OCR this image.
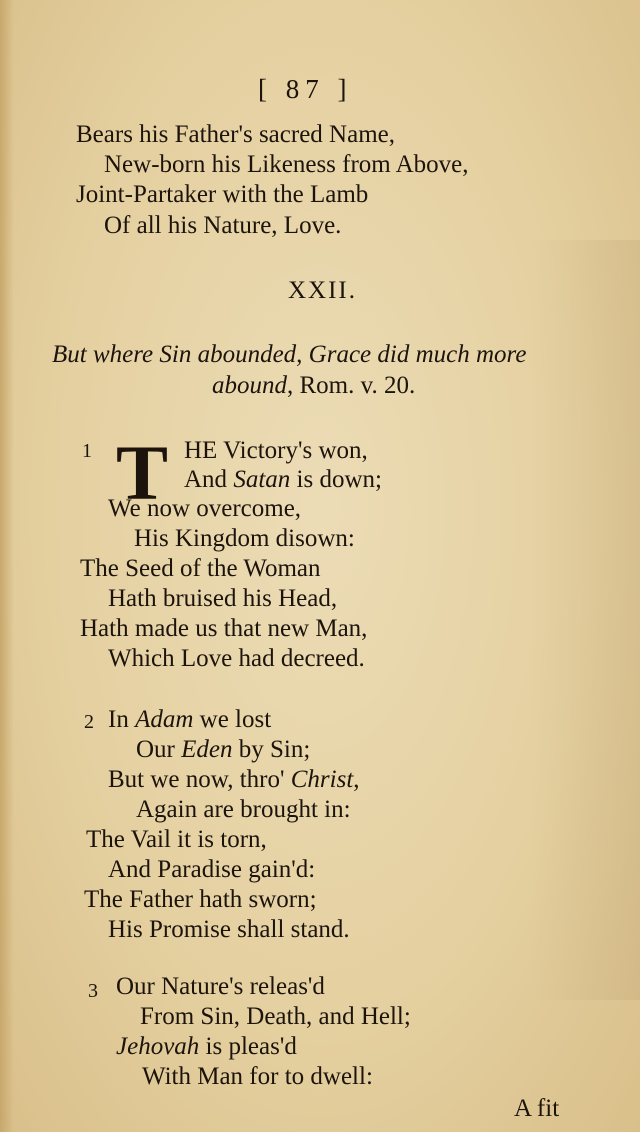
[ 87 ]
Bears his Father's sacred Name,
New-born his Likeness from Above,
Joint-Partaker with the Lamb
Of all his Nature, Love.
XXII.
But where Sin abounded, Grace did much more
abound, Rom. v. 20.
1 T HE Victory's won,
And Satan is down;
We now overcome,
His Kingdom disown:
The Seed of the Woman
Hath bruised his Head,
Hath made us that new Man,
Which Love had decreed.
2 In Adam we lost
Our Eden by Sin;
But we now, thro' Christ,
Again are brought in:
The Vail it is torn,
And Paradise gain'd:
The Father hath sworn;
His Promise shall stand.
3 Our Nature's releas'd
From Sin, Death, and Hell;
Jehovah is pleas'd
With Man for to dwell:
A fit
